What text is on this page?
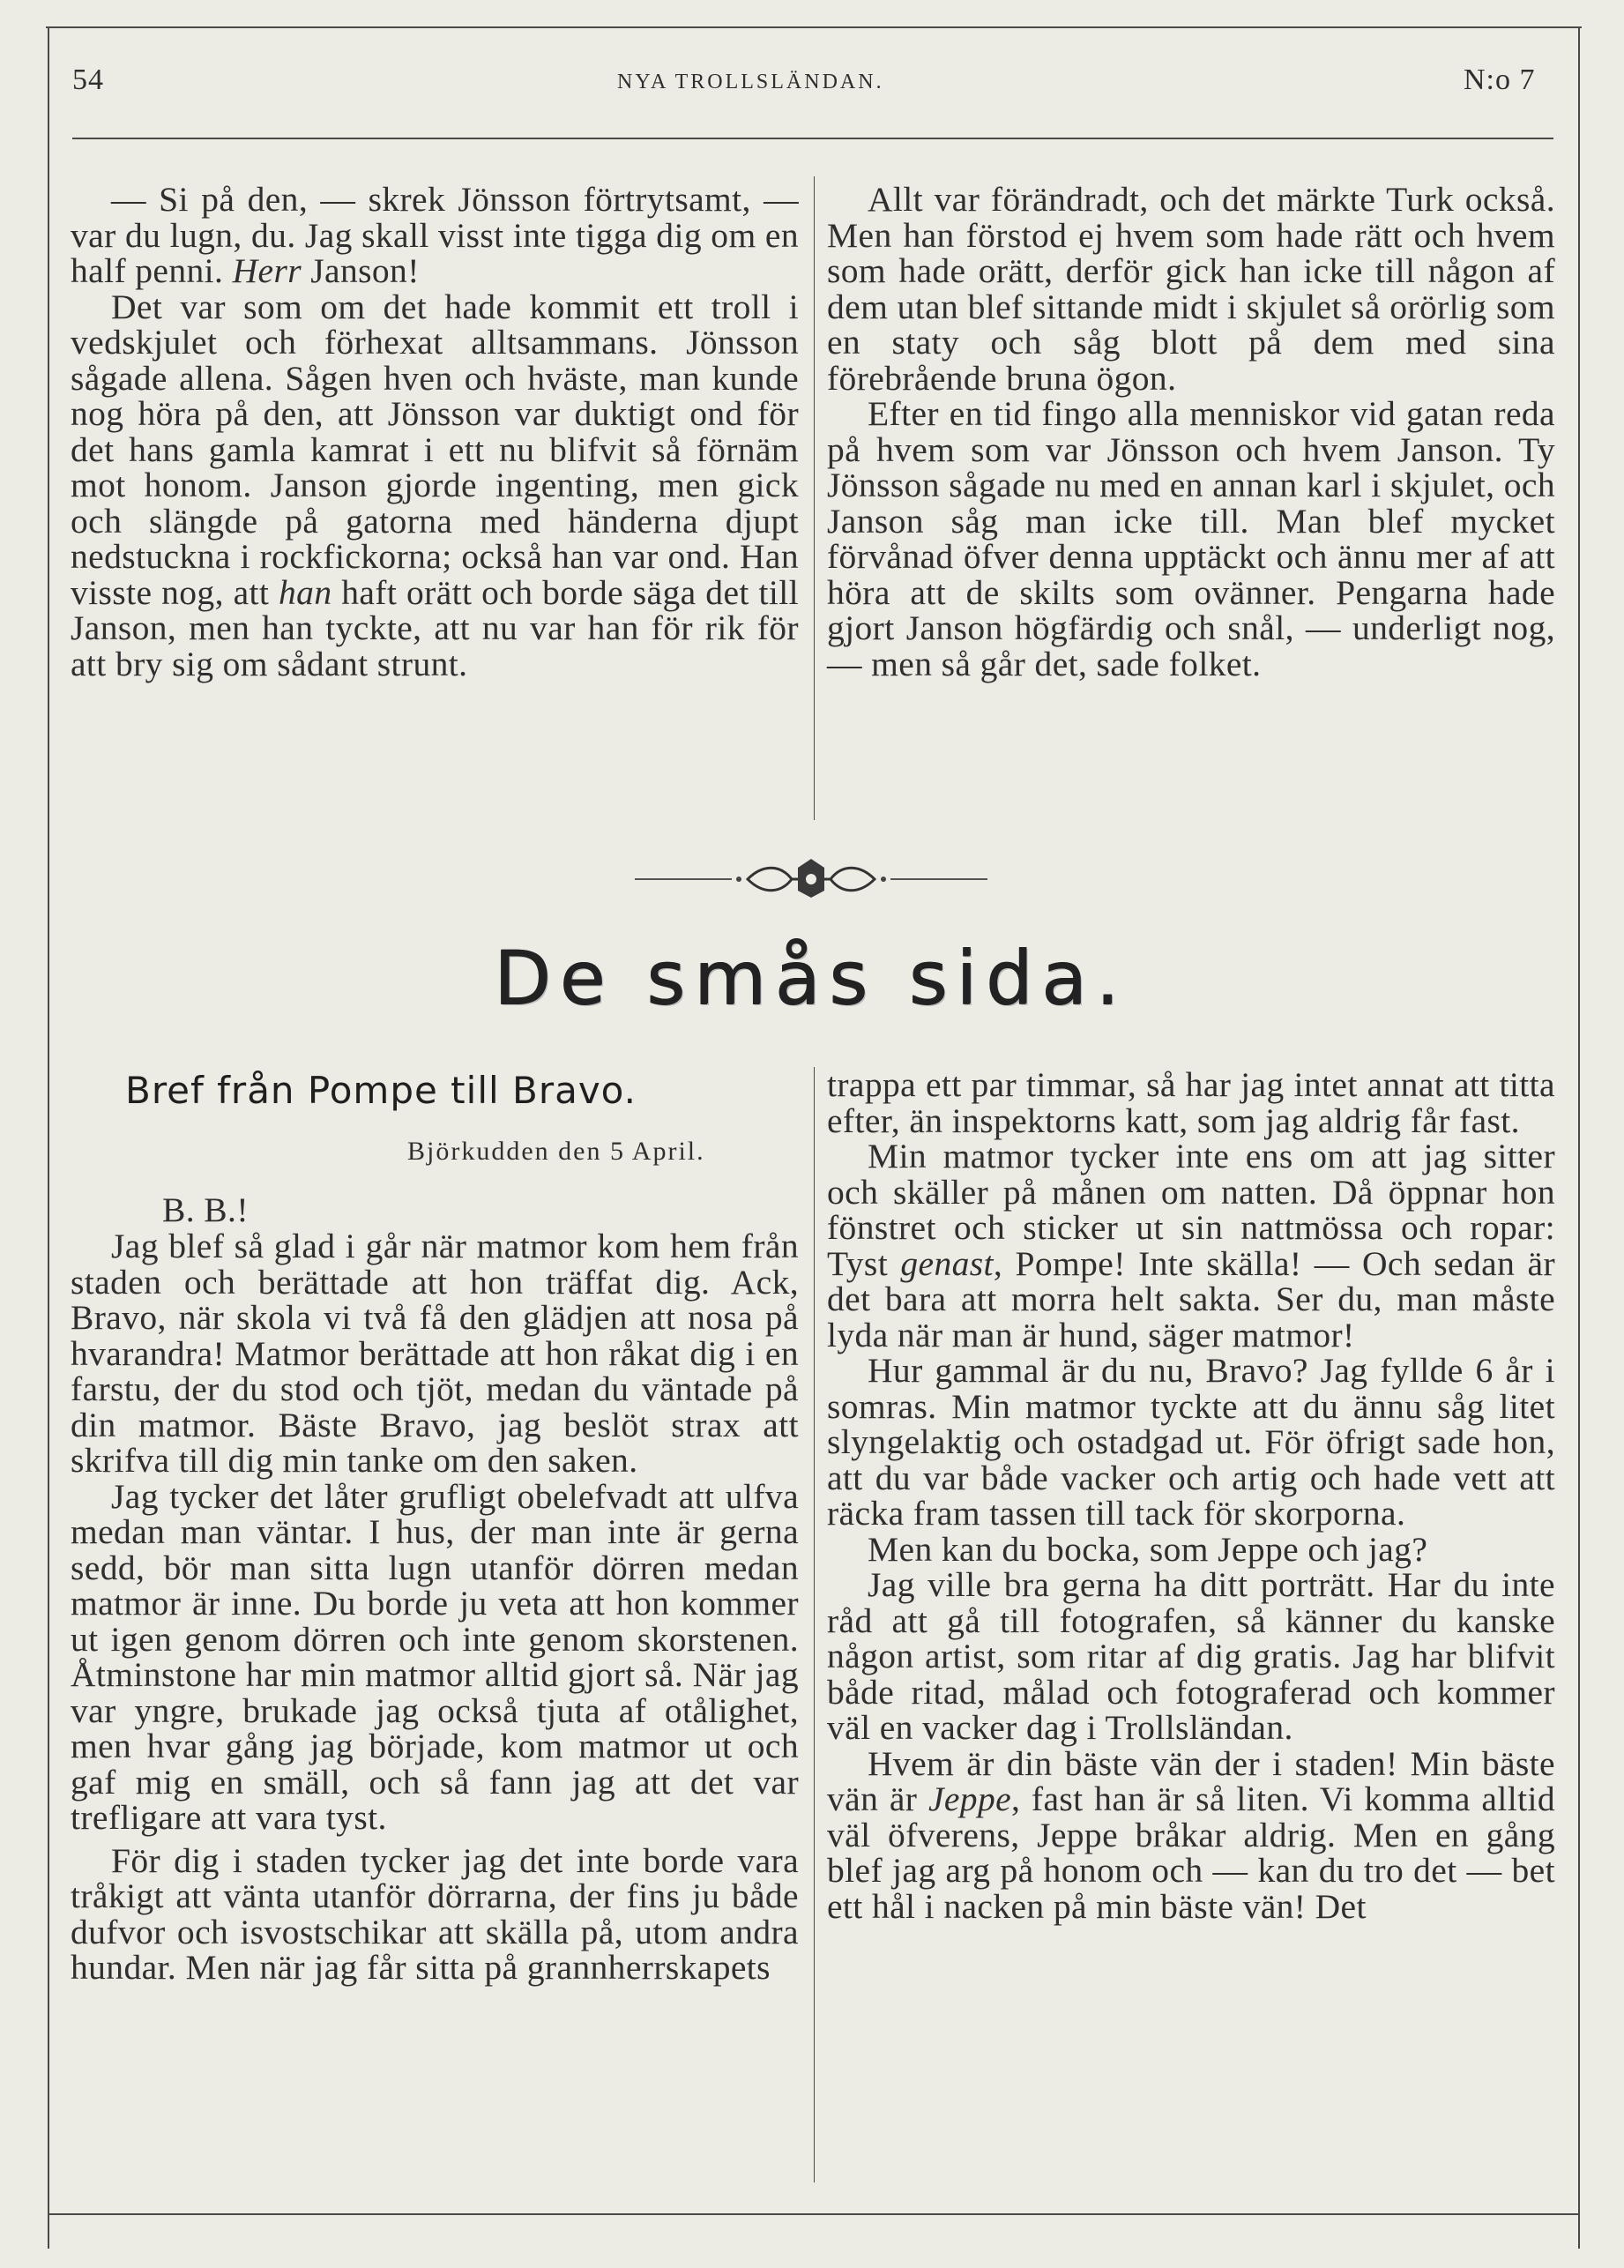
54	NYA TROLLSLÄNDAN.	N:o 7

— Si på den, — skrek Jönsson förtrytsamt, — var du lugn, du. Jag skall visst inte tigga dig om en half penni. Herr Janson!

Det var som om det hade kommit ett troll i vedskjulet och förhexat alltsammans. Jönsson sågade allena. Sågen hven och hväste, man kunde nog höra på den, att Jönsson var duktigt ond för det hans gamla kamrat i ett nu blifvit så förnäm mot honom. Janson gjorde ingenting, men gick och slängde på gatorna med händerna djupt nedstuckna i rockfickorna; också han var ond. Han visste nog, att han haft orätt och borde säga det till Janson, men han tyckte, att nu var han för rik för att bry sig om sådant strunt.

Allt var förändradt, och det märkte Turk också. Men han förstod ej hvem som hade rätt och hvem som hade orätt, derför gick han icke till någon af dem utan blef sittande midt i skjulet så orörlig som en staty och såg blott på dem med sina förebrående bruna ögon.

Efter en tid fingo alla menniskor vid gatan reda på hvem som var Jönsson och hvem Janson. Ty Jönsson sågade nu med en annan karl i skjulet, och Janson såg man icke till. Man blef mycket förvånad öfver denna upptäckt och ännu mer af att höra att de skilts som ovänner. Pengarna hade gjort Janson högfärdig och snål, — underligt nog, — men så går det, sade folket.

De smås sida.
Bref från Pompe till Bravo.
Björkudden den 5 April.
B. B.!

Jag blef så glad i går när matmor kom hem från staden och berättade att hon träffat dig. Ack, Bravo, när skola vi två få den glädjen att nosa på hvarandra! Matmor berättade att hon råkat dig i en farstu, der du stod och tjöt, medan du väntade på din matmor. Bäste Bravo, jag beslöt strax att skrifva till dig min tanke om den saken.

Jag tycker det låter grufligt obelefvadt att ulfva medan man väntar. I hus, der man inte är gerna sedd, bör man sitta lugn utanför dörren medan matmor är inne. Du borde ju veta att hon kommer ut igen genom dörren och inte genom skorstenen. Åtminstone har min matmor alltid gjort så. När jag var yngre, brukade jag också tjuta af otålighet, men hvar gång jag började, kom matmor ut och gaf mig en smäll, och så fann jag att det var trefligare att vara tyst.

För dig i staden tycker jag det inte borde vara tråkigt att vänta utanför dörrarna, der fins ju både dufvor och isvostschikar att skälla på, utom andra hundar. Men när jag får sitta på grannherrskapets

trappa ett par timmar, så har jag intet annat att titta efter, än inspektorns katt, som jag aldrig får fast.

Min matmor tycker inte ens om att jag sitter och skäller på månen om natten. Då öppnar hon fönstret och sticker ut sin nattmössa och ropar: Tyst genast, Pompe! Inte skälla! — Och sedan är det bara att morra helt sakta. Ser du, man måste lyda när man är hund, säger matmor!

Hur gammal är du nu, Bravo? Jag fyllde 6 år i somras. Min matmor tyckte att du ännu såg litet slyngelaktig och ostadgad ut. För öfrigt sade hon, att du var både vacker och artig och hade vett att räcka fram tassen till tack för skorporna.

Men kan du bocka, som Jeppe och jag?

Jag ville bra gerna ha ditt porträtt. Har du inte råd att gå till fotografen, så känner du kanske någon artist, som ritar af dig gratis. Jag har blifvit både ritad, målad och fotograferad och kommer väl en vacker dag i Trollsländan.

Hvem är din bäste vän der i staden! Min bäste vän är Jeppe, fast han är så liten. Vi komma alltid väl öfverens, Jeppe bråkar aldrig. Men en gång blef jag arg på honom och — kan du tro det — bet ett hål i nacken på min bäste vän! Det
